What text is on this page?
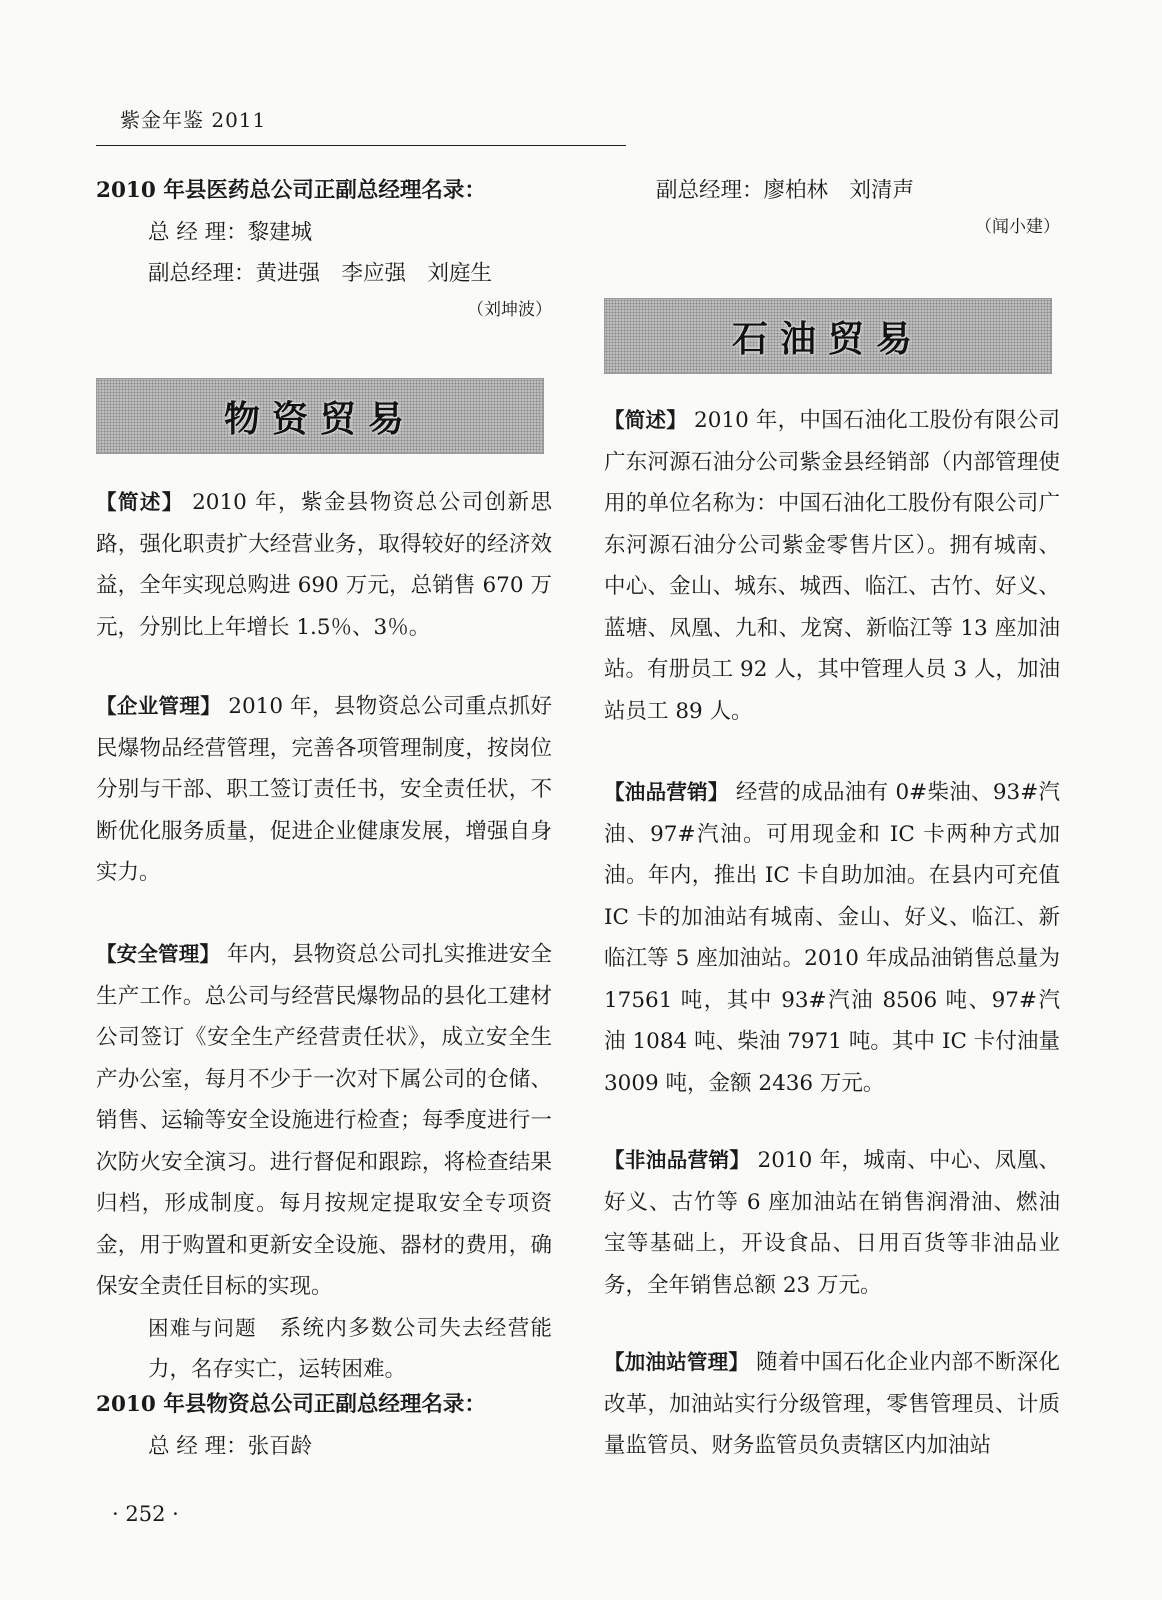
紫金年鉴 2011
2010 年县医药总公司正副总经理名录：
总 经 理：黎建城
副总经理：黄进强　李应强　刘庭生
（刘坤波）
物资贸易

【简述】 2010 年，紫金县物资总公司创新思路，强化职责扩大经营业务，取得较好的经济效益，全年实现总购进 690 万元，总销售 670 万元，分别比上年增长 1.5％、3％。

【企业管理】 2010 年，县物资总公司重点抓好民爆物品经营管理，完善各项管理制度，按岗位分别与干部、职工签订责任书，安全责任状，不断优化服务质量，促进企业健康发展，增强自身实力。

【安全管理】 年内，县物资总公司扎实推进安全生产工作。总公司与经营民爆物品的县化工建材公司签订《安全生产经营责任状》，成立安全生产办公室，每月不少于一次对下属公司的仓储、销售、运输等安全设施进行检查；每季度进行一次防火安全演习。进行督促和跟踪，将检查结果归档，形成制度。每月按规定提取安全专项资金，用于购置和更新安全设施、器材的费用，确保安全责任目标的实现。

困难与问题　系统内多数公司失去经营能力，名存实亡，运转困难。

2010 年县物资总公司正副总经理名录：
总 经 理：张百龄
副总经理：廖柏林　刘清声
（闻小建）
石油贸易

【简述】 2010 年，中国石油化工股份有限公司广东河源石油分公司紫金县经销部（内部管理使用的单位名称为：中国石油化工股份有限公司广东河源石油分公司紫金零售片区）。拥有城南、中心、金山、城东、城西、临江、古竹、好义、蓝塘、凤凰、九和、龙窝、新临江等 13 座加油站。有册员工 92 人，其中管理人员 3 人，加油站员工 89 人。

【油品营销】 经营的成品油有 0#柴油、93#汽油、97#汽油。可用现金和 IC 卡两种方式加油。年内，推出 IC 卡自助加油。在县内可充值 IC 卡的加油站有城南、金山、好义、临江、新临江等 5 座加油站。2010 年成品油销售总量为 17561 吨，其中 93#汽油 8506 吨、97#汽油 1084 吨、柴油 7971 吨。其中 IC 卡付油量 3009 吨，金额 2436 万元。

【非油品营销】 2010 年，城南、中心、凤凰、好义、古竹等 6 座加油站在销售润滑油、燃油宝等基础上，开设食品、日用百货等非油品业务，全年销售总额 23 万元。

【加油站管理】 随着中国石化企业内部不断深化改革，加油站实行分级管理，零售管理员、计质量监管员、财务监管员负责辖区内加油站

· 252 ·
